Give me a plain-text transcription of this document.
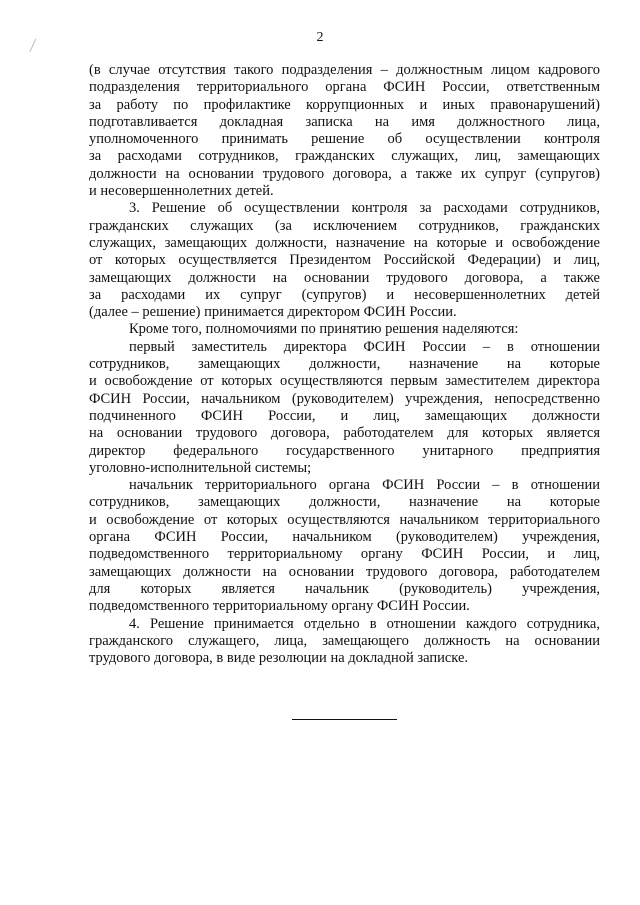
2
(в случае отсутствия такого подразделения – должностным лицом кадрового
подразделения территориального органа ФСИН России, ответственным
за работу по профилактике коррупционных и иных правонарушений)
подготавливается докладная записка на имя должностного лица,
уполномоченного принимать решение об осуществлении контроля
за расходами сотрудников, гражданских служащих, лиц, замещающих
должности на основании трудового договора, а также их супруг (супругов)
и несовершеннолетних детей.
3. Решение об осуществлении контроля за расходами сотрудников,
гражданских служащих (за исключением сотрудников, гражданских
служащих, замещающих должности, назначение на которые и освобождение
от которых осуществляется Президентом Российской Федерации) и лиц,
замещающих должности на основании трудового договора, а также
за расходами их супруг (супругов) и несовершеннолетних детей
(далее – решение) принимается директором ФСИН России.
Кроме того, полномочиями по принятию решения наделяются:
первый заместитель директора ФСИН России – в отношении
сотрудников, замещающих должности, назначение на которые
и освобождение от которых осуществляются первым заместителем директора
ФСИН России, начальником (руководителем) учреждения, непосредственно
подчиненного ФСИН России, и лиц, замещающих должности
на основании трудового договора, работодателем для которых является
директор федерального государственного унитарного предприятия
уголовно-исполнительной системы;
начальник территориального органа ФСИН России – в отношении
сотрудников, замещающих должности, назначение на которые
и освобождение от которых осуществляются начальником территориального
органа ФСИН России, начальником (руководителем) учреждения,
подведомственного территориальному органу ФСИН России, и лиц,
замещающих должности на основании трудового договора, работодателем
для которых является начальник (руководитель) учреждения,
подведомственного территориальному органу ФСИН России.
4. Решение принимается отдельно в отношении каждого сотрудника,
гражданского служащего, лица, замещающего должность на основании
трудового договора, в виде резолюции на докладной записке.
